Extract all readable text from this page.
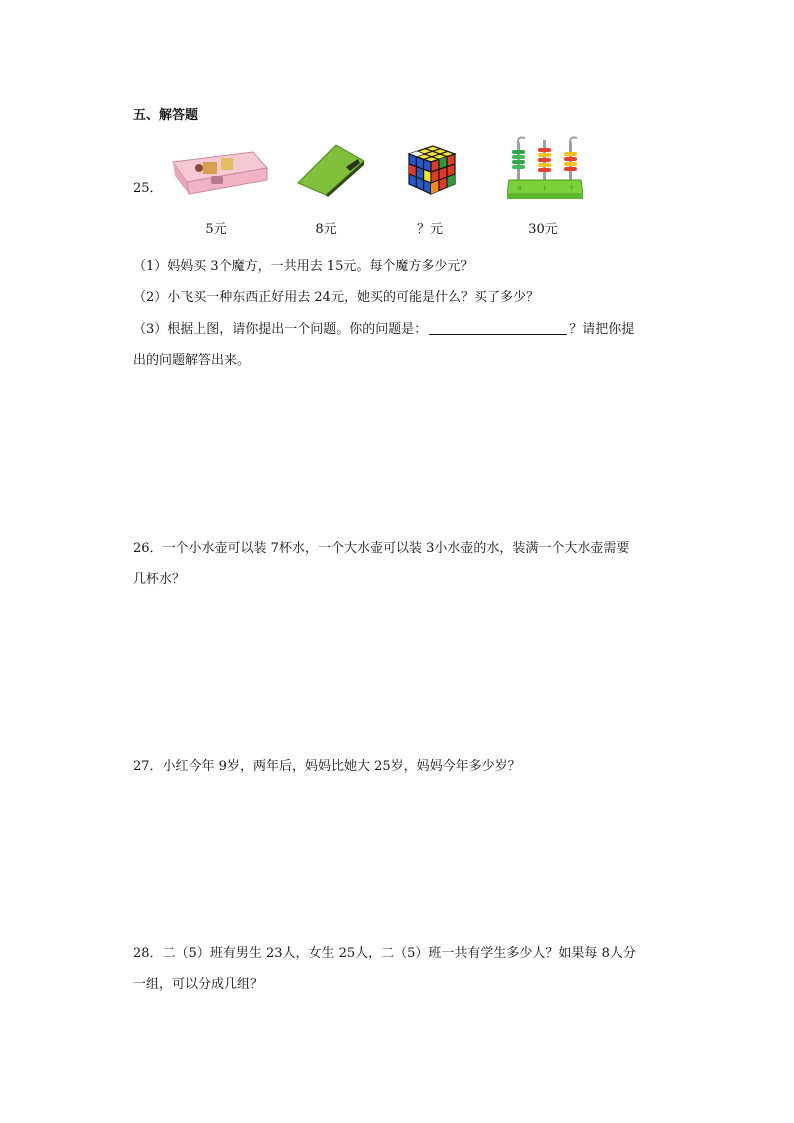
五、解答题
25．	百	十	个
5元	8元	？元	30元
（1）妈妈买 3个魔方，一共用去 15元。每个魔方多少元？
（2）小飞买一种东西正好用去 24元，她买的可能是什么？买了多少？
（3）根据上图，请你提出一个问题。你的问题是：	？请把你提
出的问题解答出来。
26．一个小水壶可以装 7杯水，一个大水壶可以装 3小水壶的水，装满一个大水壶需要
几杯水？
27．小红今年 9岁，两年后，妈妈比她大 25岁，妈妈今年多少岁？
28．二（5）班有男生 23人，女生 25人，二（5）班一共有学生多少人？如果每 8人分
一组，可以分成几组？
